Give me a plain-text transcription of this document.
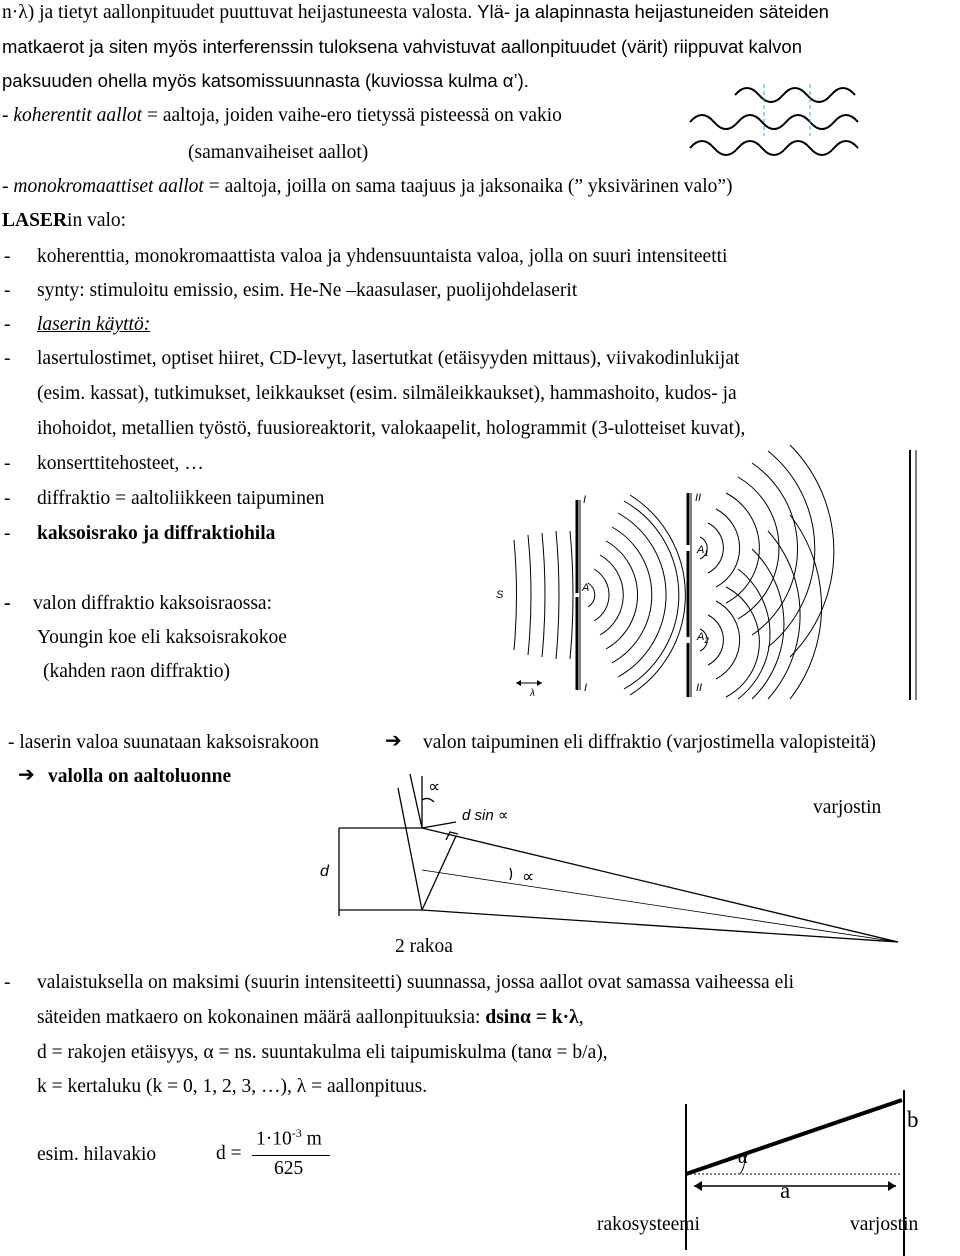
n·λ) ja tietyt aallonpituudet puuttuvat heijastuneesta valosta. Ylä- ja alapinnasta heijastuneiden säteiden
matkaerot ja siten myös interferenssin tuloksena vahvistuvat aallonpituudet (värit) riippuvat kalvon
paksuuden ohella myös katsomissuunnasta (kuviossa kulma α’).
- koherentit aallot = aaltoja, joiden vaihe-ero tietyssä pisteessä on vakio
(samanvaiheiset aallot)
- monokromaattiset aallot = aaltoja, joilla on sama taajuus ja jaksonaika (” yksivärinen valo”)
LASERin valo:
- koherenttia, monokromaattista valoa ja yhdensuuntaista valoa, jolla on suuri intensiteetti
- synty: stimuloitu emissio, esim. He-Ne –kaasulaser, puolijohdelaserit
- laserin käyttö:
- lasertulostimet, optiset hiiret, CD-levyt, lasertutkat (etäisyyden mittaus), viivakodinlukijat
(esim. kassat), tutkimukset, leikkaukset (esim. silmäleikkaukset), hammashoito, kudos- ja
ihohoidot, metallien työstö, fuusioreaktorit, valokaapelit, hologrammit (3-ulotteiset kuvat),
- konserttitehosteet, …
- diffraktio = aaltoliikkeen taipuminen
- kaksoisrako ja diffraktiohila
- valon diffraktio kaksoisraossa:
Youngin koe eli kaksoisrakokoe
(kahden raon diffraktio)
I	II
$A_1$
$A_2$
S
A
I	II
λ
- laserin valoa suunataan kaksoisrakoon	➔ valon taipuminen eli diffraktio (varjostimella valopisteitä)
➔ valolla on aaltoluonne	∝
d sin ∝
d	∝
varjostin
2 rakoa
- valaistuksella on maksimi (suurin intensiteetti) suunnassa, jossa aallot ovat samassa vaiheessa eli
säteiden matkaero on kokonainen määrä aallonpituuksia: dsinα = k·λ,
d = rakojen etäisyys, α = ns. suuntakulma eli taipumiskulma (tanα = b/a),
k = kertaluku (k = 0, 1, 2, 3, …), λ = aallonpituus.
esim. hilavakio	d =
$1\cdot 10^{-3}$ m
625
b
α
a
rakosysteemi	varjostin
